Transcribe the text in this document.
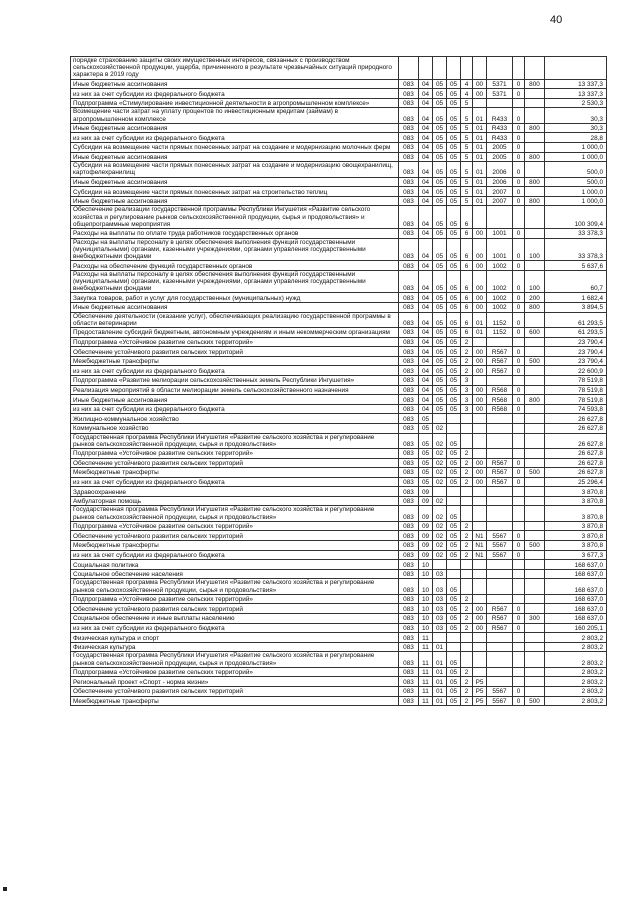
40
порядке страхованию защиты своих имущественных интересов, связанных с производством сельскохозяйственной продукции, ущерба, причиненного в результате чрезвычайных ситуаций природного характера в 2019 году										
Иные бюджетные ассигнования	083	04	05	05	4	00	5371	0	800	13 337,3
из них за счет субсидии из федерального бюджета	083	04	05	05	4	00	5371	0		13 337,3
Подпрограмма «Стимулирование инвестиционной деятельности в агропромышленном комплексе»	083	04	05	05	5					2 530,3
Возмещение части затрат на уплату процентов по инвестиционным кредитам (займам) в агропромышленном комплексе	083	04	05	05	5	01	R433	0		30,3
Иные бюджетные ассигнования	083	04	05	05	5	01	R433	0	800	30,3
из них за счет субсидии из федерального бюджета	083	04	05	05	5	01	R433	0		28,8
Субсидии на возмещение части прямых понесенных затрат на создание и модернизацию молочных ферм	083	04	05	05	5	01	2005	0		1 000,0
Иные бюджетные ассигнования	083	04	05	05	5	01	2005	0	800	1 000,0
Субсидии на возмещение части прямых понесенных затрат на создание и модернизацию овощехранилищ, картофелехранилищ	083	04	05	05	5	01	2006	0		500,0
Иные бюджетные ассигнования	083	04	05	05	5	01	2006	0	800	500,0
Субсидии на возмещение части прямых понесенных затрат на строительство теплиц	083	04	05	05	5	01	2007	0		1 000,0
Иные бюджетные ассигнования	083	04	05	05	5	01	2007	0	800	1 000,0
Обеспечение реализации государственной программы Республики Ингушетия «Развитие сельского хозяйства и регулирование рынков сельскохозяйственной продукции, сырья и продовольствия» и общепрограммные мероприятия	083	04	05	05	6					100 309,4
Расходы на выплаты по оплате труда работников государственных органов	083	04	05	05	6	00	1001	0		33 378,3
Расходы на выплаты персоналу в целях обеспечения выполнения функций государственными (муниципальными) органами, казенными учреждениями, органами управления государственными внебюджетными фондами	083	04	05	05	6	00	1001	0	100	33 378,3
Расходы на обеспечение функций государственных органов	083	04	05	05	6	00	1002	0		5 637,6
Расходы на выплаты персоналу в целях обеспечения выполнения функций государственными (муниципальными) органами, казенными учреждениями, органами управления государственными внебюджетными фондами	083	04	05	05	6	00	1002	0	100	60,7
Закупка товаров, работ и услуг для государственных (муниципальных) нужд	083	04	05	05	6	00	1002	0	200	1 682,4
Иные бюджетные ассигнования	083	04	05	05	6	00	1002	0	800	3 894,5
Обеспечение деятельности (оказание услуг), обеспечивающих реализацию государственной программы в области ветеринарии	083	04	05	05	6	01	1152	0		61 293,5
Предоставление субсидий бюджетным, автономным учреждениям и иным некоммерческим организациям	083	04	05	05	6	01	1152	0	600	61 293,5
Подпрограмма «Устойчивое развитие сельских территорий»	083	04	05	05	2					23 790,4
Обеспечение устойчивого развития сельских территорий	083	04	05	05	2	00	R567	0		23 790,4
Межбюджетные трансферты	083	04	05	05	2	00	R567	0	500	23 790,4
из них за счет субсидии из федерального бюджета	083	04	05	05	2	00	R567	0		22 600,9
Подпрограмма «Развитие мелиорации сельскохозяйственных земель Республики Ингушетия»	083	04	05	05	3					78 519,8
Реализация мероприятий в области мелиорации земель сельскохозяйственного назначения	083	04	05	05	3	00	R568	0		78 519,8
Иные бюджетные ассигнования	083	04	05	05	3	00	R568	0	800	78 519,8
из них за счет субсидии из федерального бюджета	083	04	05	05	3	00	R568	0		74 593,8
Жилищно-коммунальное хозяйство	083	05								26 627,8
Коммунальное хозяйство	083	05	02							26 627,8
Государственная программа Республики Ингушетия «Развитие сельского хозяйства и регулирование рынков сельскохозяйственной продукции, сырья и продовольствия»	083	05	02	05						26 627,8
Подпрограмма «Устойчивое развитие сельских территорий»	083	05	02	05	2					26 627,8
Обеспечение устойчивого развития сельских территорий	083	05	02	05	2	00	R567	0		26 627,8
Межбюджетные трансферты	083	05	02	05	2	00	R567	0	500	26 627,8
из них за счет субсидии из федерального бюджета	083	05	02	05	2	00	R567	0		25 296,4
Здравоохранение	083	09								3 870,8
Амбулаторная помощь	083	09	02							3 870,8
Государственная программа Республики Ингушетия «Развитие сельского хозяйства и регулирование рынков сельскохозяйственной продукции, сырья и продовольствия»	083	09	02	05						3 870,8
Подпрограмма «Устойчивое развитие сельских территорий»	083	09	02	05	2					3 870,8
Обеспечение устойчивого развития сельских территорий	083	09	02	05	2	N1	5567	0		3 870,8
Межбюджетные трансферты	083	09	02	05	2	N1	5567	0	500	3 870,8
из них за счет субсидии из федерального бюджета	083	09	02	05	2	N1	5567	0		3 677,3
Социальная политика	083	10								168 637,0
Социальное обеспечение населения	083	10	03							168 637,0
Государственная программа Республики Ингушетия «Развитие сельского хозяйства и регулирование рынков сельскохозяйственной продукции, сырья и продовольствия»	083	10	03	05						168 637,0
Подпрограмма «Устойчивое развитие сельских территорий»	083	10	03	05	2					168 637,0
Обеспечение устойчивого развития сельских территорий	083	10	03	05	2	00	R567	0		168 637,0
Социальное обеспечение и иные выплаты населению	083	10	03	05	2	00	R567	0	300	168 637,0
из них за счет субсидии из федерального бюджета	083	10	03	05	2	00	R567	0		160 205,1
Физическая культура и спорт	083	11								2 803,2
Физическая культура	083	11	01							2 803,2
Государственная программа Республики Ингушетия «Развитие сельского хозяйства и регулирование рынков сельскохозяйственной продукции, сырья и продовольствия»	083	11	01	05						2 803,2
Подпрограмма «Устойчивое развитие сельских территорий»	083	11	01	05	2					2 803,2
Региональный проект «Спорт - норма жизни»	083	11	01	05	2	P5				2 803,2
Обеспечение устойчивого развития сельских территорий	083	11	01	05	2	P5	5567	0		2 803,2
Межбюджетные трансферты	083	11	01	05	2	P5	5567	0	500	2 803,2
